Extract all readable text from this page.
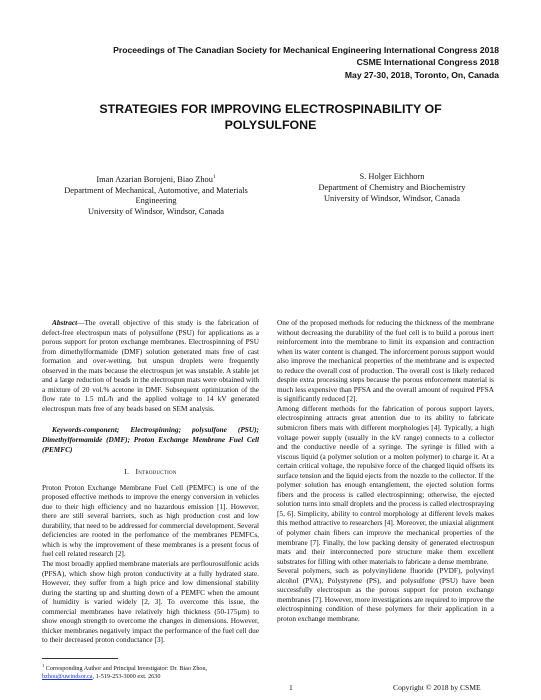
Proceedings of The Canadian Society for Mechanical Engineering International Congress 2018
CSME International Congress 2018
May 27-30, 2018, Toronto, On, Canada
STRATEGIES FOR IMPROVING ELECTROSPINABILITY OF
POLYSULFONE
Iman Azarian Borojeni, Biao Zhou$^1$
Department of Mechanical, Automotive, and Materials
Engineering
University of Windsor, Windsor, Canada
S. Holger Eichhorn
Department of Chemistry and Biochemistry
University of Windsor, Windsor, Canada

Abstract—The overall objective of this study is the fabrication of defect-free electrospun mats of polysulfone (PSU) for applications as a porous support for proton exchange membranes. Electrospinning of PSU from dimethylformamide (DMF) solution generated mats free of cast formation and over-wetting, but unspun droplets were frequently observed in the mats because the electrospun jet was unstable. A stable jet and a large reduction of beads in the electrospun mats were obtained with a mixture of 20 vol.% acetone in DMF. Subsequent optimization of the flow rate to 1.5 mL/h and the applied voltage to 14 kV generated electrospun mats free of any beads based on SEM analysis.

Keywords-component; Electrospinning; polysulfone (PSU); Dimethylformamide (DMF); Proton Exchange Membrane Fuel Cell (PEMFC)

I. Introduction

Proton Proton Exchange Membrane Fuel Cell (PEMFC) is one of the proposed effective methods to improve the energy conversion in vehicles due to their high efficiency and no hazardous emission [1]. However, there are still several barriers, such as high production cost and low durability, that need to be addressed for commercial development. Several deficiencies are rooted in the perfomance of the membranes PEMFCs, which is why the improvement of these membranes is a present focus of fuel cell related research [2].

The most broadly applied membrane materials are perflourosulfonic acids (PFSA), which show high proton conductivity at a fully hydrated state. However, they suffer from a high price and low dimensional stability during the starting up and shutting down of a PEMFC when the amount of humidity is varied widely [2, 3]. To overcome this issue, the commercial membranes have relatively high thickness (50-175μm) to show enough strength to overcome the changes in dimensions. However, thicker membranes negatively impact the performance of the fuel cell due to their decreased proton conductance [3].

One of the proposed methods for reducing the thickness of the membrane without decreasing the durability of the fuel cell is to build a porous inert reinforcement into the membrane to limit its expansion and contraction when its water content is changed. The inforcement porous support would also improve the mechanical properties of the membrane and is expected to reduce the overall cost of production. The overall cost is likely reduced despite extra processing steps because the porous enforcement material is much less expensive than PFSA and the overall amount of required PFSA is significantly reduced [2].

Among different methods for the fabrication of porous support layers, electrospinning attracts great attention due to its ability to fabricate submicron fibers mats with different morphologies [4]. Typically, a high voltage power supply (usually in the kV range) connects to a collector and the conductive needle of a syringe. The syringe is filled with a viscous liquid (a polymer solution or a molten polymer) to charge it. At a certain critical voltage, the repulsive force of the charged liquid offsets its surface tension and the liquid ejects from the nozzle to the collector. If the polymer solution has enough entanglement, the ejected solution forms fibers and the process is called electrospinning; otherwise, the ejected solution turns into small droplets and the process is called electrospraying [5, 6]. Simplicity, ability to control morphology at different levels makes this method attractive to researchers [4]. Moreover, the uniaxial alignment of polymer chain fibers can improve the mechanical properties of the membrane [7]. Finally, the low packing density of generated electrospun mats and their interconnected pore structure make them excellent substrates for filling with other materials to fabricate a dense membrane.

Several polymers, such as polyvinylidene fluoride (PVDF), polyvinyl alcohol (PVA), Polystyrene (PS), and polysulfone (PSU) have been successfully electrospun as the porous support for proton exchange membranes [7]. However, more investigations are required to improve the electrospinning condition of these polymers for their application in a proton exchange membrane.

$^1$ Corresponding Author and Principal Investigator: Dr. Biao Zhou,
bzhou@uwindsor.ca, 1-519-253-3000 ext. 2630
1	Copyright © 2018 by CSME
